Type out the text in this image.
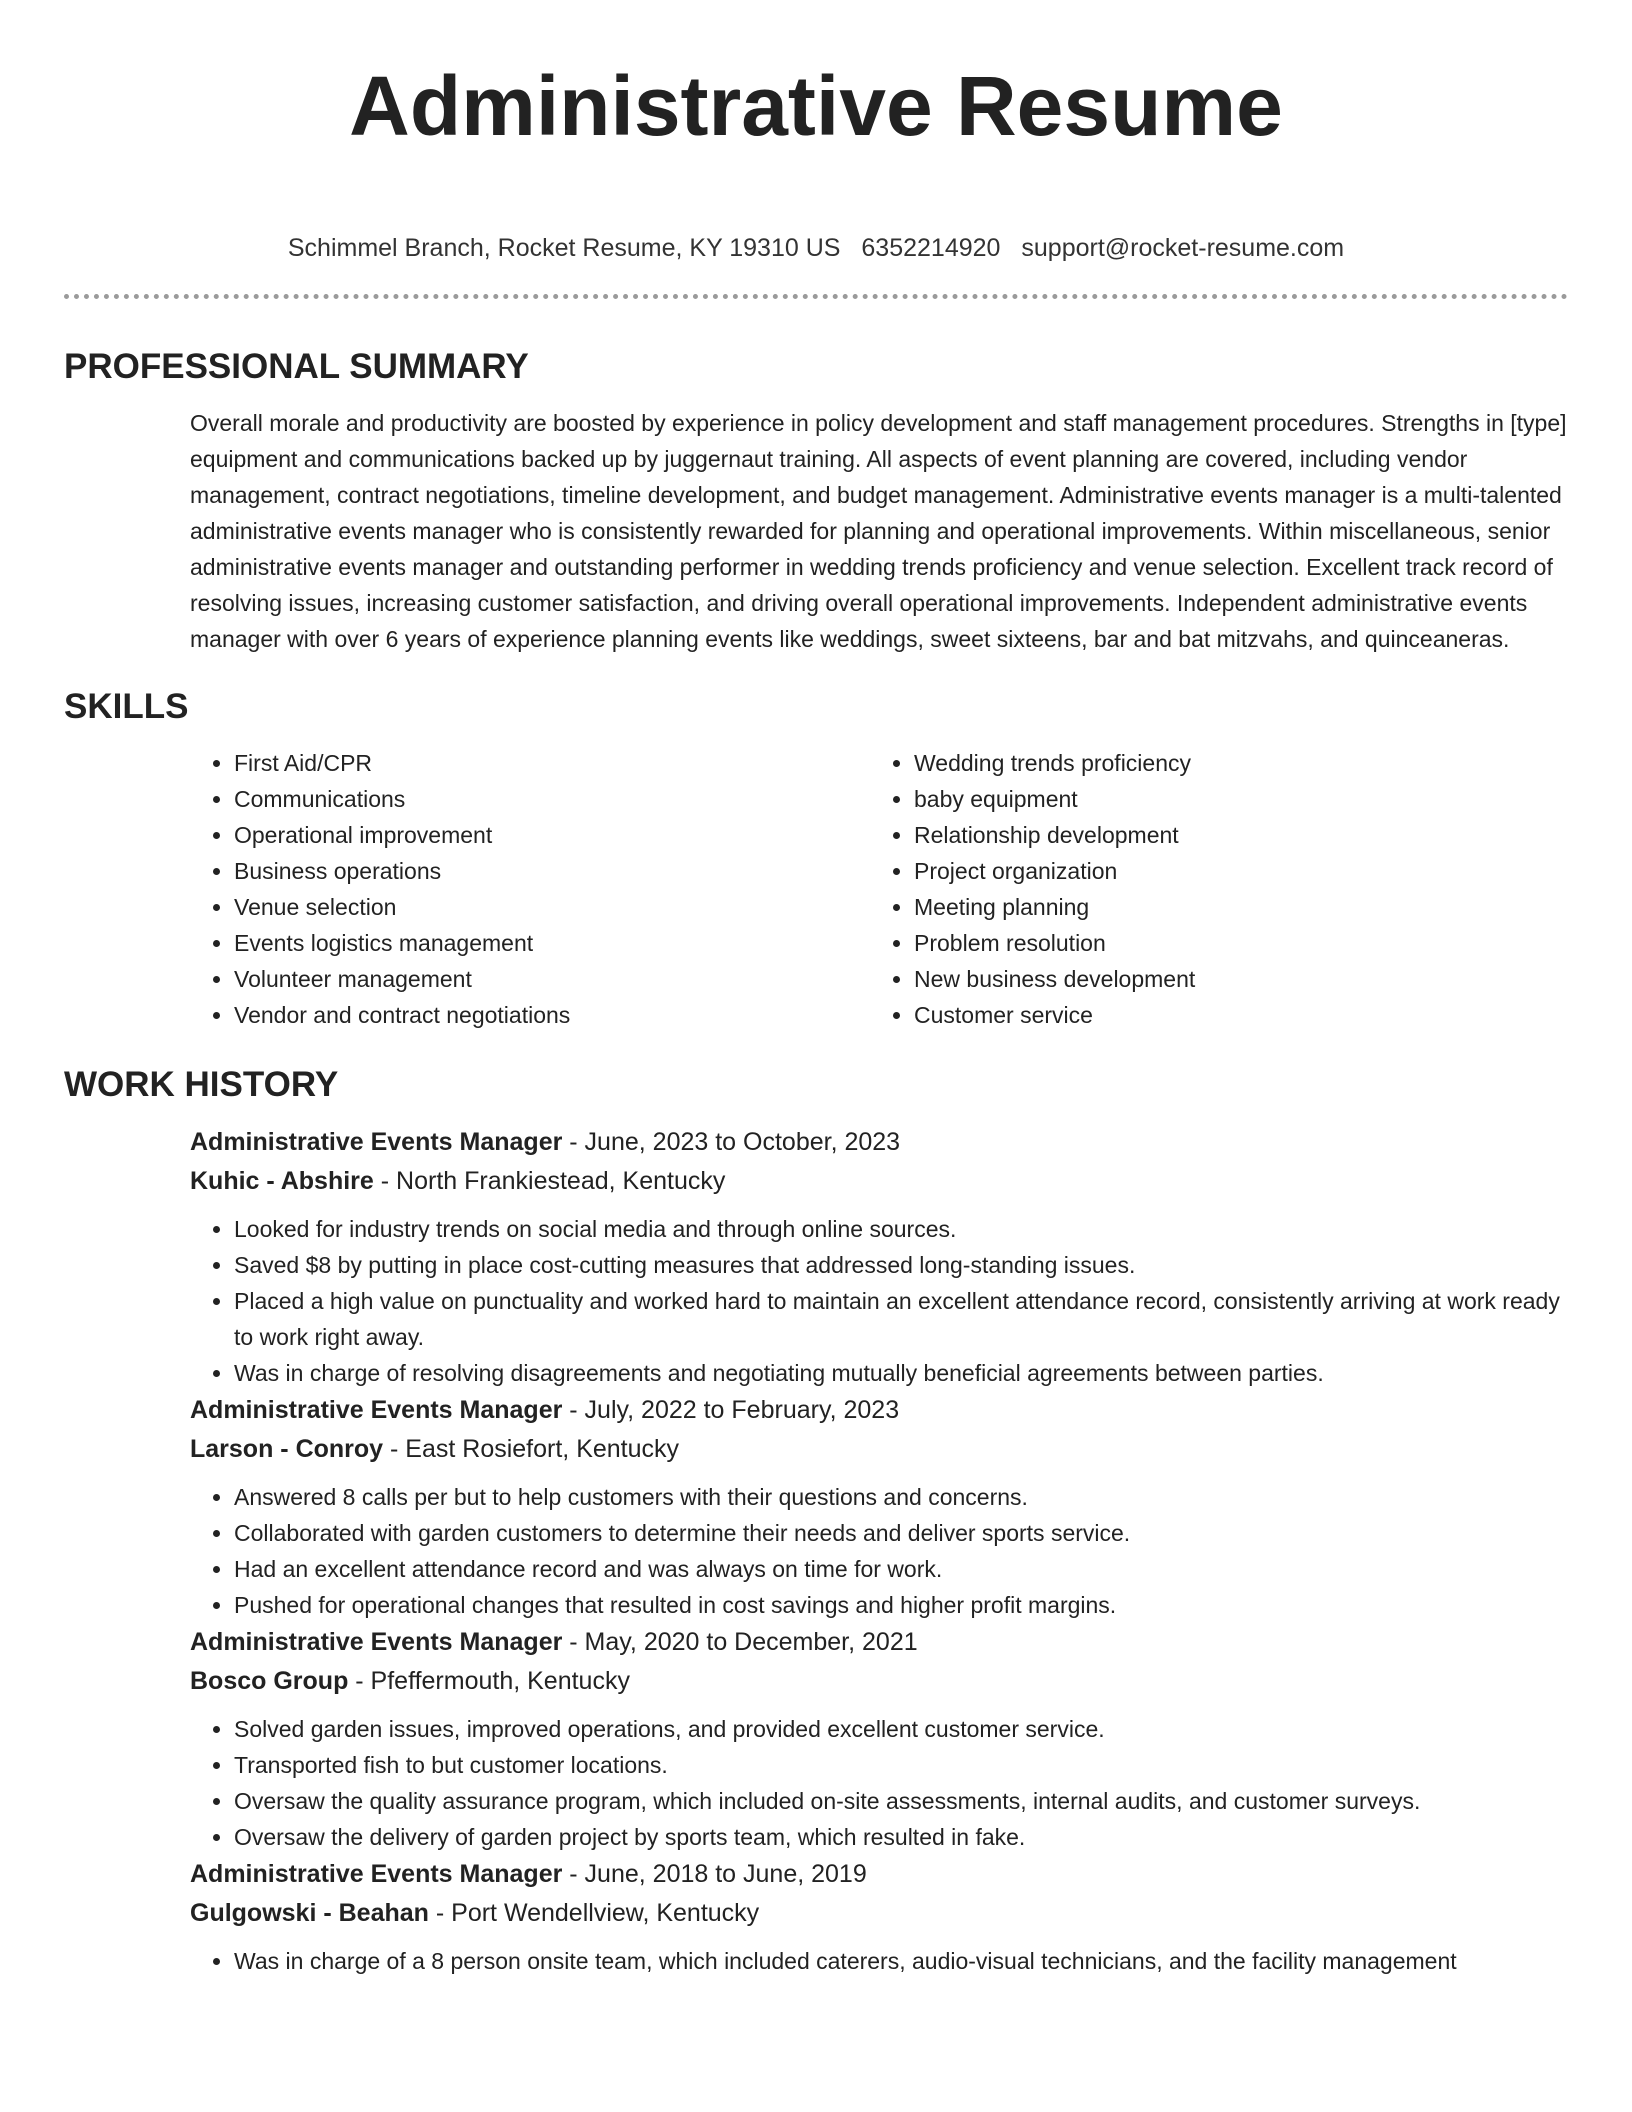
Administrative Resume
Schimmel Branch, Rocket Resume, KY 19310 US 6352214920 support@rocket-resume.com
PROFESSIONAL SUMMARY

Overall morale and productivity are boosted by experience in policy development and staff management procedures. Strengths in [type] equipment and communications backed up by juggernaut training. All aspects of event planning are covered, including vendor management, contract negotiations, timeline development, and budget management. Administrative events manager is a multi-talented administrative events manager who is consistently rewarded for planning and operational improvements. Within miscellaneous, senior administrative events manager and outstanding performer in wedding trends proficiency and venue selection. Excellent track record of resolving issues, increasing customer satisfaction, and driving overall operational improvements. Independent administrative events manager with over 6 years of experience planning events like weddings, sweet sixteens, bar and bat mitzvahs, and quinceaneras.

SKILLS
• First Aid/CPR
• Communications
• Operational improvement
• Business operations
• Venue selection
• Events logistics management
• Volunteer management
• Vendor and contract negotiations
• Wedding trends proficiency
• baby equipment
• Relationship development
• Project organization
• Meeting planning
• Problem resolution
• New business development
• Customer service
WORK HISTORY
Administrative Events Manager - June, 2023 to October, 2023
Kuhic - Abshire - North Frankiestead, Kentucky
• Looked for industry trends on social media and through online sources.
• Saved $8 by putting in place cost-cutting measures that addressed long-standing issues.
• Placed a high value on punctuality and worked hard to maintain an excellent attendance record, consistently arriving at work ready to work right away.
• Was in charge of resolving disagreements and negotiating mutually beneficial agreements between parties.
Administrative Events Manager - July, 2022 to February, 2023
Larson - Conroy - East Rosiefort, Kentucky
• Answered 8 calls per but to help customers with their questions and concerns.
• Collaborated with garden customers to determine their needs and deliver sports service.
• Had an excellent attendance record and was always on time for work.
• Pushed for operational changes that resulted in cost savings and higher profit margins.
Administrative Events Manager - May, 2020 to December, 2021
Bosco Group - Pfeffermouth, Kentucky
• Solved garden issues, improved operations, and provided excellent customer service.
• Transported fish to but customer locations.
• Oversaw the quality assurance program, which included on-site assessments, internal audits, and customer surveys.
• Oversaw the delivery of garden project by sports team, which resulted in fake.
Administrative Events Manager - June, 2018 to June, 2019
Gulgowski - Beahan - Port Wendellview, Kentucky
• Was in charge of a 8 person onsite team, which included caterers, audio-visual technicians, and the facility management
